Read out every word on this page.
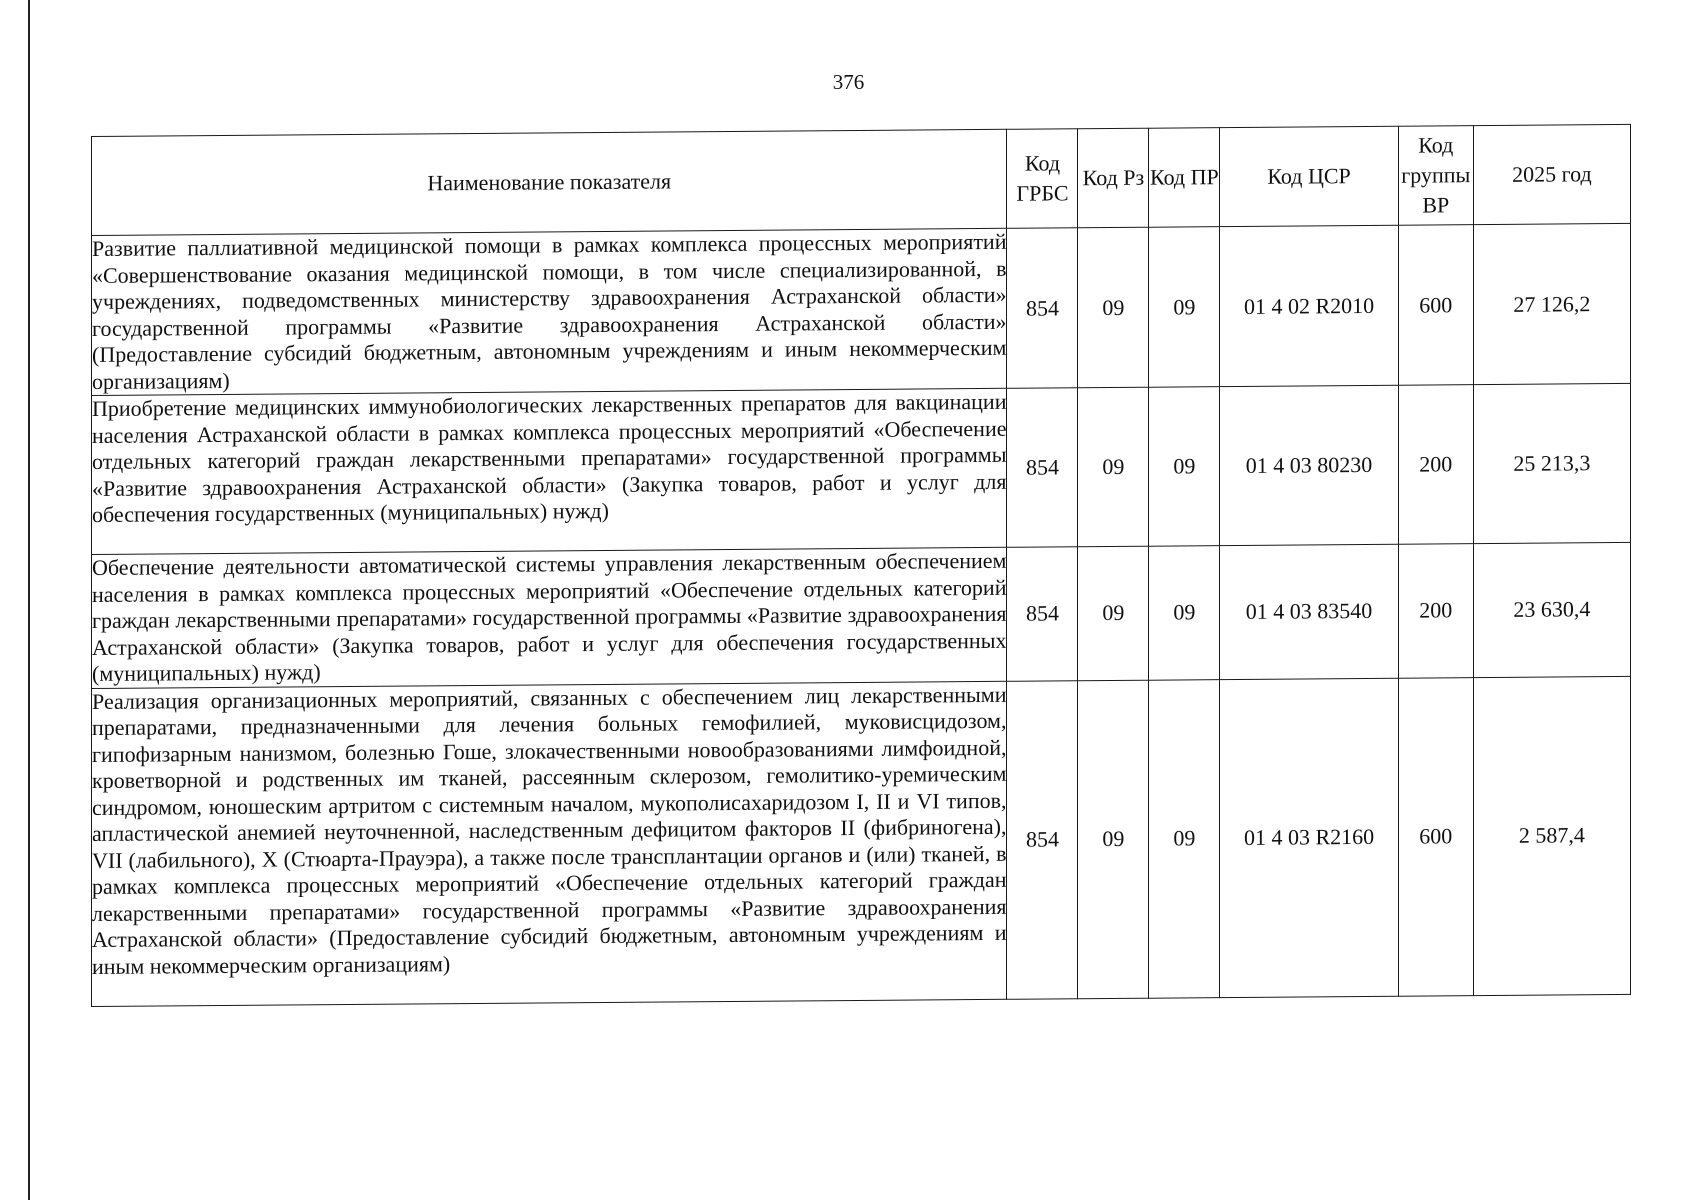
376
Наименование показателя	Код ГРБС	Код Рз	Код ПР	Код ЦСР	Код группы ВР	2025 год
Развитие паллиативной медицинской помощи в рамках комплекса процессных мероприятий «Совершенствование оказания медицинской помощи, в том числе специализированной, в учреждениях, подведомственных министерству здравоохранения Астраханской области» государственной программы «Развитие здравоохранения Астраханской области» (Предоставление субсидий бюджетным, автономным учреждениям и иным некоммерческим организациям)	854	09	09	01 4 02 R2010	600	27 126,2
Приобретение медицинских иммунобиологических лекарственных препаратов для вакцинации населения Астраханской области в рамках комплекса процессных мероприятий «Обеспечение отдельных категорий граждан лекарственными препаратами» государственной программы «Развитие здравоохранения Астраханской области» (Закупка товаров, работ и услуг для обеспечения государственных (муниципальных) нужд)	854	09	09	01 4 03 80230	200	25 213,3
Обеспечение деятельности автоматической системы управления лекарственным обеспечением населения в рамках комплекса процессных мероприятий «Обеспечение отдельных категорий граждан лекарственными препаратами» государственной программы «Развитие здравоохранения Астраханской области» (Закупка товаров, работ и услуг для обеспечения государственных (муниципальных) нужд)	854	09	09	01 4 03 83540	200	23 630,4
Реализация организационных мероприятий, связанных с обеспечением лиц лекарственными препаратами, предназначенными для лечения больных гемофилией, муковисцидозом, гипофизарным нанизмом, болезнью Гоше, злокачественными новообразованиями лимфоидной, кроветворной и родственных им тканей, рассеянным склерозом, гемолитико-уремическим синдромом, юношеским артритом с системным началом, мукополисахаридозом I, II и VI типов, апластической анемией неуточненной, наследственным дефицитом факторов II (фибриногена), VII (лабильного), X (Стюарта-Прауэра), а также после трансплантации органов и (или) тканей, в рамках комплекса процессных мероприятий «Обеспечение отдельных категорий граждан лекарственными препаратами» государственной программы «Развитие здравоохранения Астраханской области» (Предоставление субсидий бюджетным, автономным учреждениям и иным некоммерческим организациям)	854	09	09	01 4 03 R2160	600	2 587,4
